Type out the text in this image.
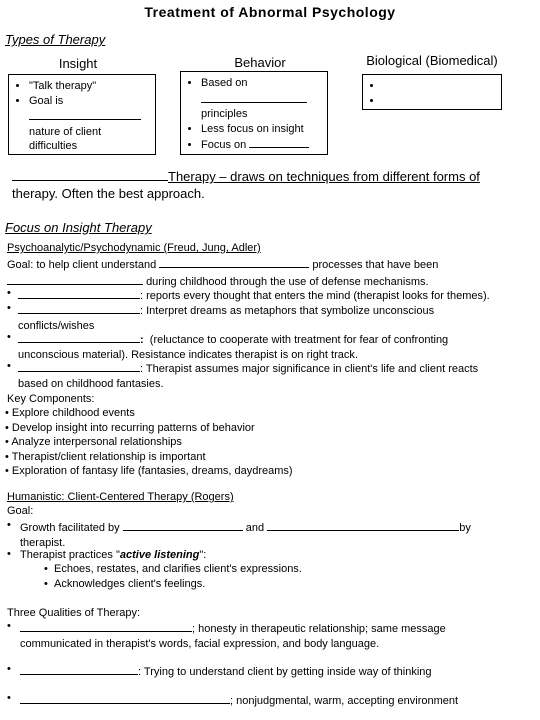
Treatment of Abnormal Psychology
Types of Therapy
Insight	Behavior	Biological (Biomedical)
• "Talk therapy"
• Goal is

nature of client difficulties
• Based on

principles
• Less focus on insight
• Focus on
•
•
Therapy – draws on techniques from different forms of
therapy. Often the best approach.
Focus on Insight Therapy
Psychoanalytic/Psychodynamic (Freud, Jung, Adler)
Goal: to help client understand	processes that have been
during childhood through the use of defense mechanisms.
•	: reports every thought that enters the mind (therapist looks for themes).
•	: Interpret dreams as metaphors that symbolize unconscious
conflicts/wishes
•	: (reluctance to cooperate with treatment for fear of confronting
unconscious material). Resistance indicates therapist is on right track.
•	: Therapist assumes major significance in client's life and client reacts
based on childhood fantasies.
Key Components:
• Explore childhood events
• Develop insight into recurring patterns of behavior
• Analyze interpersonal relationships
• Therapist/client relationship is important
• Exploration of fantasy life (fantasies, dreams, daydreams)
Humanistic: Client-Centered Therapy (Rogers)
Goal:
• Growth facilitated by	and	by
therapist.
• Therapist practices "active listening":
• Echoes, restates, and clarifies client's expressions.
• Acknowledges client's feelings.
Three Qualities of Therapy:
•	; honesty in therapeutic relationship; same message
communicated in therapist's words, facial expression, and body language.
•	: Trying to understand client by getting inside way of thinking
•	; nonjudgmental, warm, accepting environment
